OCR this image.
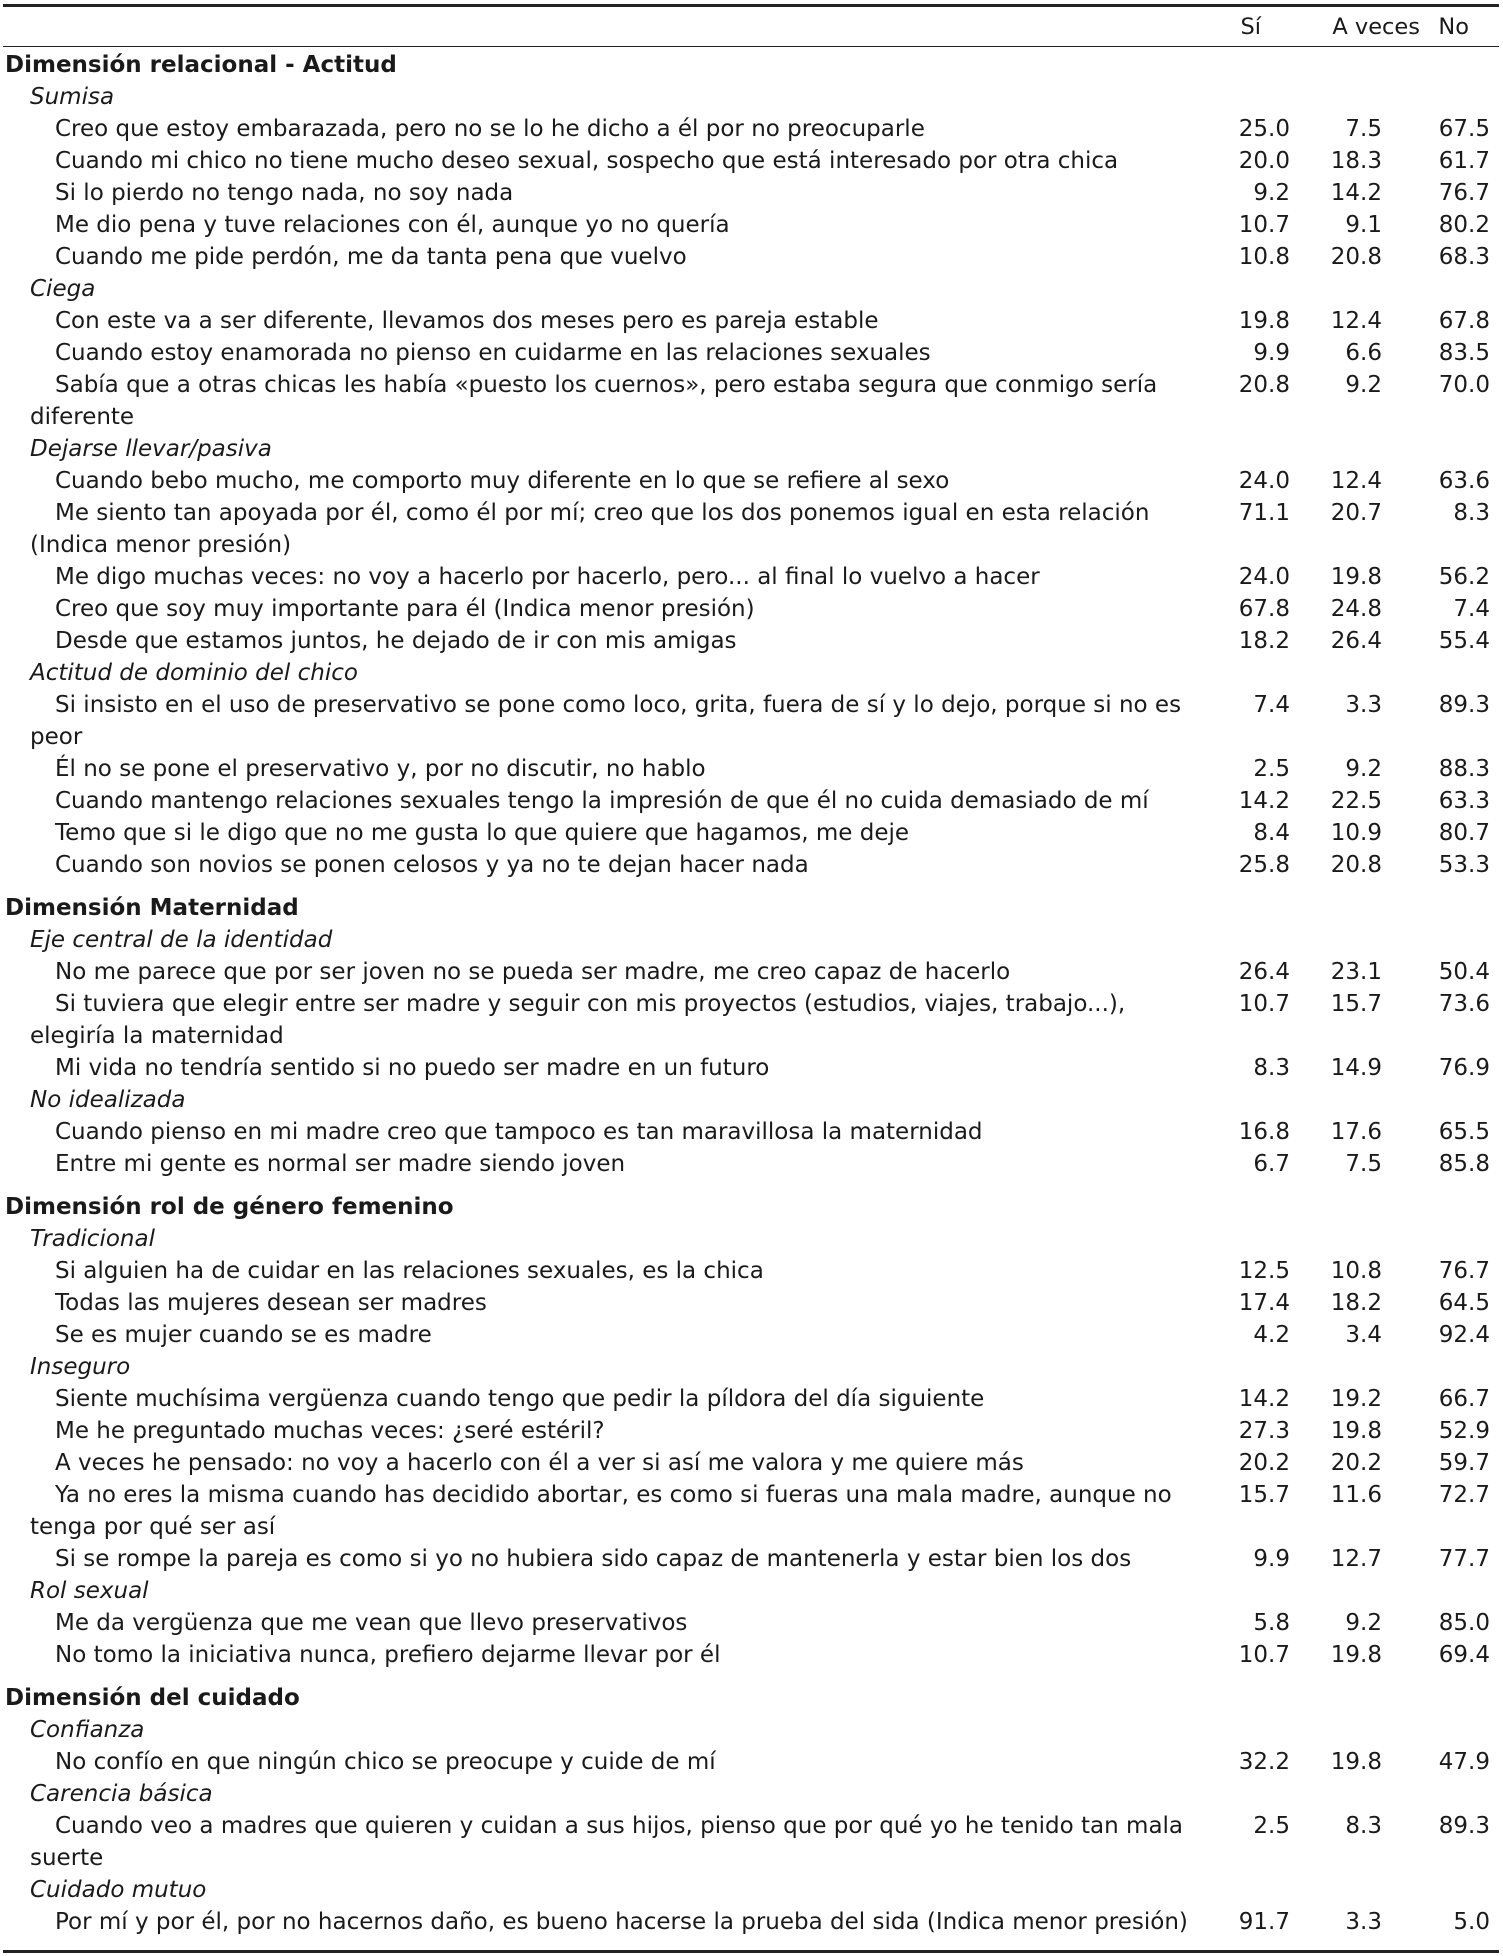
Sí	A veces No
Dimensión relacional - Actitud
Sumisa
Creo que estoy embarazada, pero no se lo he dicho a él por no preocuparle	25.0 7.5 67.5
Cuando mi chico no tiene mucho deseo sexual, sospecho que está interesado por otra chica	20.0 18.3 61.7
Si lo pierdo no tengo nada, no soy nada	9.2 14.2 76.7
Me dio pena y tuve relaciones con él, aunque yo no quería	10.7 9.1 80.2
Cuando me pide perdón, me da tanta pena que vuelvo	10.8 20.8 68.3
Ciega
Con este va a ser diferente, llevamos dos meses pero es pareja estable	19.8 12.4 67.8
Cuando estoy enamorada no pienso en cuidarme en las relaciones sexuales	9.9 6.6 83.5
Sabía que a otras chicas les había «puesto los cuernos», pero estaba segura que conmigo sería diferente
20.8 9.2 70.0
Dejarse llevar/pasiva
Cuando bebo mucho, me comporto muy diferente en lo que se refiere al sexo	24.0 12.4 63.6
Me siento tan apoyada por él, como él por mí; creo que los dos ponemos igual en esta relación (Indica menor presión)
71.1 20.7	8.3
Me digo muchas veces: no voy a hacerlo por hacerlo, pero... al final lo vuelvo a hacer	24.0 19.8 56.2
Creo que soy muy importante para él (Indica menor presión)	67.8 24.8	7.4
Desde que estamos juntos, he dejado de ir con mis amigas	18.2 26.4 55.4
Actitud de dominio del chico
Si insisto en el uso de preservativo se pone como loco, grita, fuera de sí y lo dejo, porque si no es peor
7.4 3.3 89.3
Él no se pone el preservativo y, por no discutir, no hablo	2.5 9.2 88.3
Cuando mantengo relaciones sexuales tengo la impresión de que él no cuida demasiado de mí	14.2 22.5 63.3
Temo que si le digo que no me gusta lo que quiere que hagamos, me deje	8.4 10.9 80.7
Cuando son novios se ponen celosos y ya no te dejan hacer nada	25.8 20.8 53.3
Dimensión Maternidad
Eje central de la identidad
No me parece que por ser joven no se pueda ser madre, me creo capaz de hacerlo	26.4 23.1 50.4
Si tuviera que elegir entre ser madre y seguir con mis proyectos (estudios, viajes, trabajo...), elegiría la maternidad
10.7 15.7 73.6
Mi vida no tendría sentido si no puedo ser madre en un futuro	8.3 14.9 76.9
No idealizada
Cuando pienso en mi madre creo que tampoco es tan maravillosa la maternidad	16.8 17.6 65.5
Entre mi gente es normal ser madre siendo joven	6.7 7.5 85.8
Dimensión rol de género femenino
Tradicional
Si alguien ha de cuidar en las relaciones sexuales, es la chica	12.5 10.8 76.7
Todas las mujeres desean ser madres	17.4 18.2 64.5
Se es mujer cuando se es madre	4.2 3.4 92.4
Inseguro
Siente muchísima vergüenza cuando tengo que pedir la píldora del día siguiente	14.2 19.2 66.7
Me he preguntado muchas veces: ¿seré estéril?	27.3 19.8 52.9
A veces he pensado: no voy a hacerlo con él a ver si así me valora y me quiere más	20.2 20.2 59.7
Ya no eres la misma cuando has decidido abortar, es como si fueras una mala madre, aunque no tenga por qué ser así
15.7 11.6 72.7
Si se rompe la pareja es como si yo no hubiera sido capaz de mantenerla y estar bien los dos	9.9 12.7 77.7
Rol sexual
Me da vergüenza que me vean que llevo preservativos	5.8 9.2 85.0
No tomo la iniciativa nunca, prefiero dejarme llevar por él	10.7 19.8 69.4
Dimensión del cuidado
Confianza
No confío en que ningún chico se preocupe y cuide de mí	32.2 19.8 47.9
Carencia básica
Cuando veo a madres que quieren y cuidan a sus hijos, pienso que por qué yo he tenido tan mala suerte
2.5 8.3 89.3
Cuidado mutuo
Por mí y por él, por no hacernos daño, es bueno hacerse la prueba del sida (Indica menor presión)	91.7 3.3	5.0
